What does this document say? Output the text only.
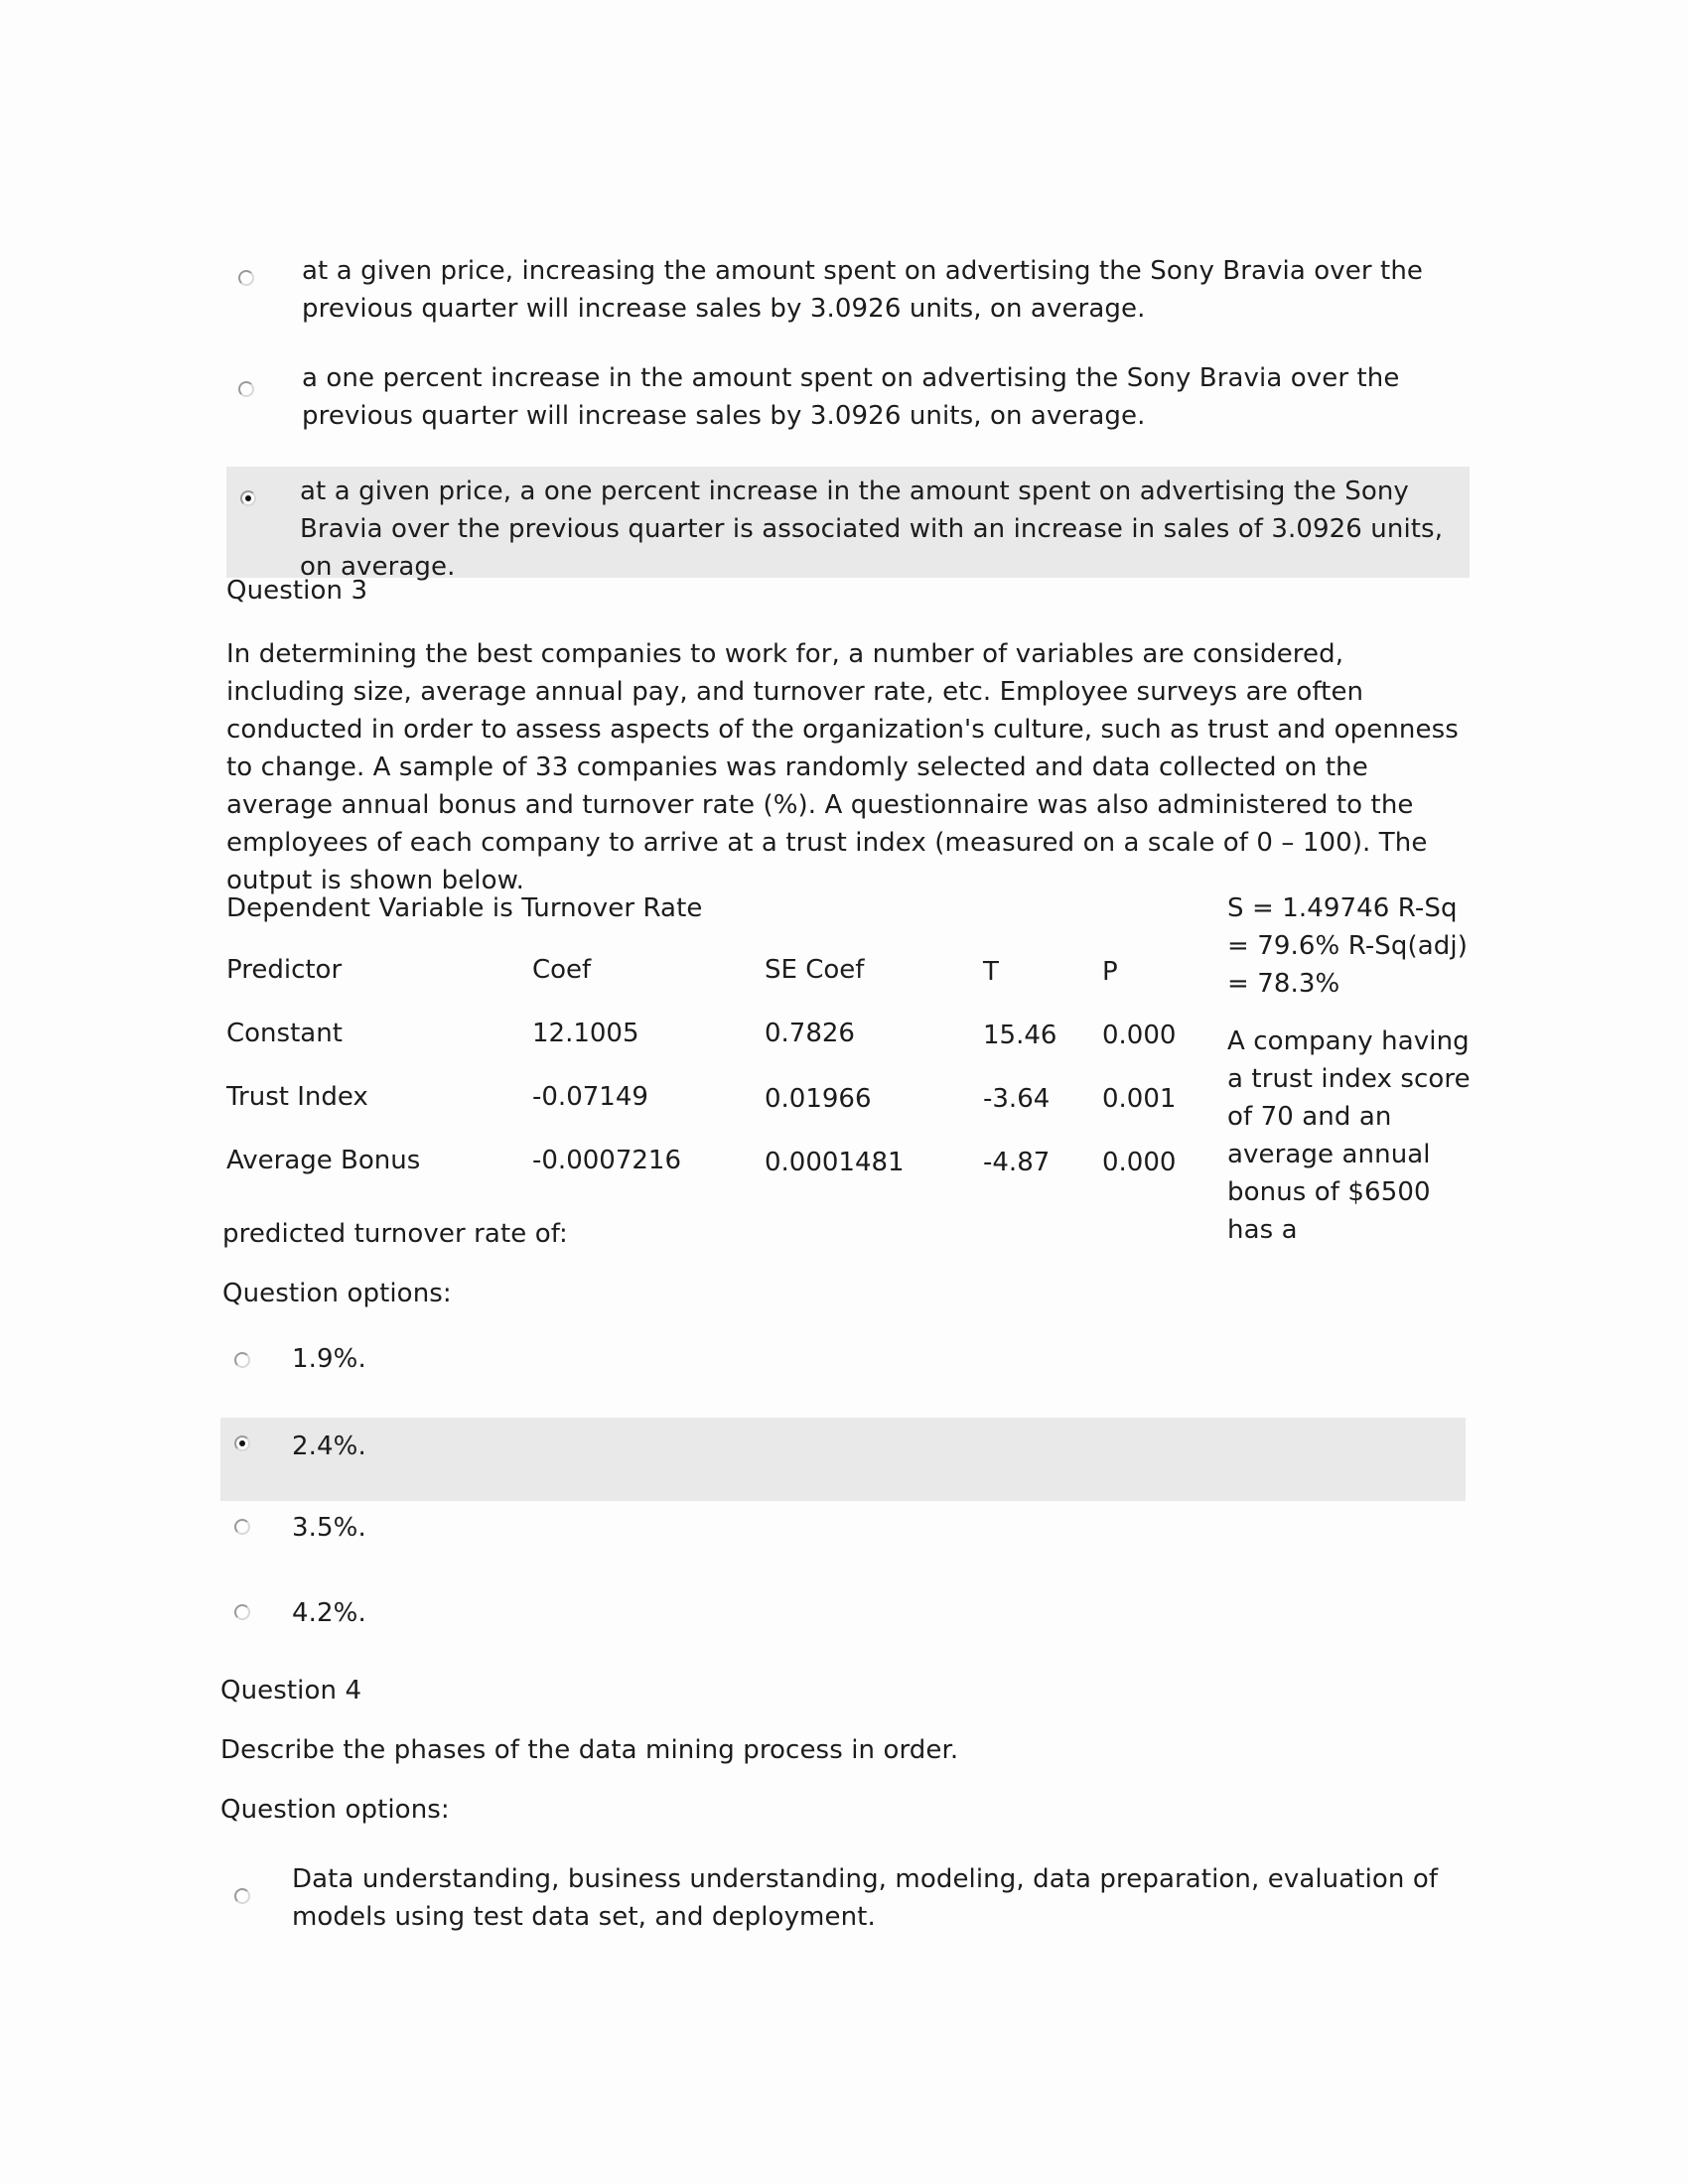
at a given price, increasing the amount spent on advertising the Sony Bravia over the previous quarter will increase sales by 3.0926 units, on average.
a one percent increase in the amount spent on advertising the Sony Bravia over the previous quarter will increase sales by 3.0926 units, on average.
at a given price, a one percent increase in the amount spent on advertising the Sony Bravia over the previous quarter is associated with an increase in sales of 3.0926 units, on average.
Question 3
In determining the best companies to work for, a number of variables are considered, including size, average annual pay, and turnover rate, etc. Employee surveys are often conducted in order to assess aspects of the organization's culture, such as trust and openness to change. A sample of 33 companies was randomly selected and data collected on the average annual bonus and turnover rate (%). A questionnaire was also administered to the employees of each company to arrive at a trust index (measured on a scale of 0 – 100). The output is shown below.
Dependent Variable is Turnover Rate	S = 1.49746 R-Sq = 79.6% R-Sq(adj) = 78.3%
Predictor	Coef	SE Coef	T	P
Constant	12.1005	0.7826	15.46 0.000
Trust Index	-0.07149	0.01966	-3.64 0.001
Average Bonus	-0.0007216	0.0001481	-4.87 0.000
A company having a trust index score of 70 and an average annual bonus of $6500 has a
predicted turnover rate of:
Question options:
1.9%.
2.4%.
3.5%.
4.2%.
Question 4
Describe the phases of the data mining process in order.
Question options:
Data understanding, business understanding, modeling, data preparation, evaluation of models using test data set, and deployment.
